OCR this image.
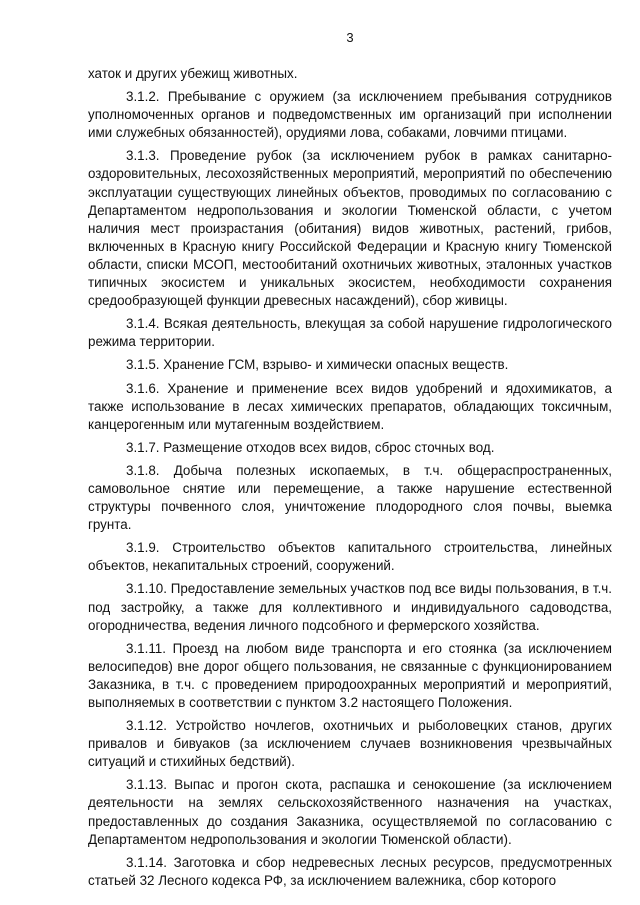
3

хаток и других убежищ животных.

3.1.2. Пребывание с оружием (за исключением пребывания сотрудников уполномоченных органов и подведомственных им организаций при исполнении ими служебных обязанностей), орудиями лова, собаками, ловчими птицами.

3.1.3. Проведение рубок (за исключением рубок в рамках санитарно-оздоровительных, лесохозяйственных мероприятий, мероприятий по обеспечению эксплуатации существующих линейных объектов, проводимых по согласованию с Департаментом недропользования и экологии Тюменской области, с учетом наличия мест произрастания (обитания) видов животных, растений, грибов, включенных в Красную книгу Российской Федерации и Красную книгу Тюменской области, списки МСОП, местообитаний охотничьих животных, эталонных участков типичных экосистем и уникальных экосистем, необходимости сохранения средообразующей функции древесных насаждений), сбор живицы.

3.1.4. Всякая деятельность, влекущая за собой нарушение гидрологического режима территории.

3.1.5. Хранение ГСМ, взрыво- и химически опасных веществ.

3.1.6. Хранение и применение всех видов удобрений и ядохимикатов, а также использование в лесах химических препаратов, обладающих токсичным, канцерогенным или мутагенным воздействием.

3.1.7. Размещение отходов всех видов, сброс сточных вод.

3.1.8. Добыча полезных ископаемых, в т.ч. общераспространенных, самовольное снятие или перемещение, а также нарушение естественной структуры почвенного слоя, уничтожение плодородного слоя почвы, выемка грунта.

3.1.9. Строительство объектов капитального строительства, линейных объектов, некапитальных строений, сооружений.

3.1.10. Предоставление земельных участков под все виды пользования, в т.ч. под застройку, а также для коллективного и индивидуального садоводства, огородничества, ведения личного подсобного и фермерского хозяйства.

3.1.11. Проезд на любом виде транспорта и его стоянка (за исключением велосипедов) вне дорог общего пользования, не связанные с функционированием Заказника, в т.ч. с проведением природоохранных мероприятий и мероприятий, выполняемых в соответствии с пунктом 3.2 настоящего Положения.

3.1.12. Устройство ночлегов, охотничьих и рыболовецких станов, других привалов и бивуаков (за исключением случаев возникновения чрезвычайных ситуаций и стихийных бедствий).

3.1.13. Выпас и прогон скота, распашка и сенокошение (за исключением деятельности на землях сельскохозяйственного назначения на участках, предоставленных до создания Заказника, осуществляемой по согласованию с Департаментом недропользования и экологии Тюменской области).

3.1.14. Заготовка и сбор недревесных лесных ресурсов, предусмотренных статьей 32 Лесного кодекса РФ, за исключением валежника, сбор которого
